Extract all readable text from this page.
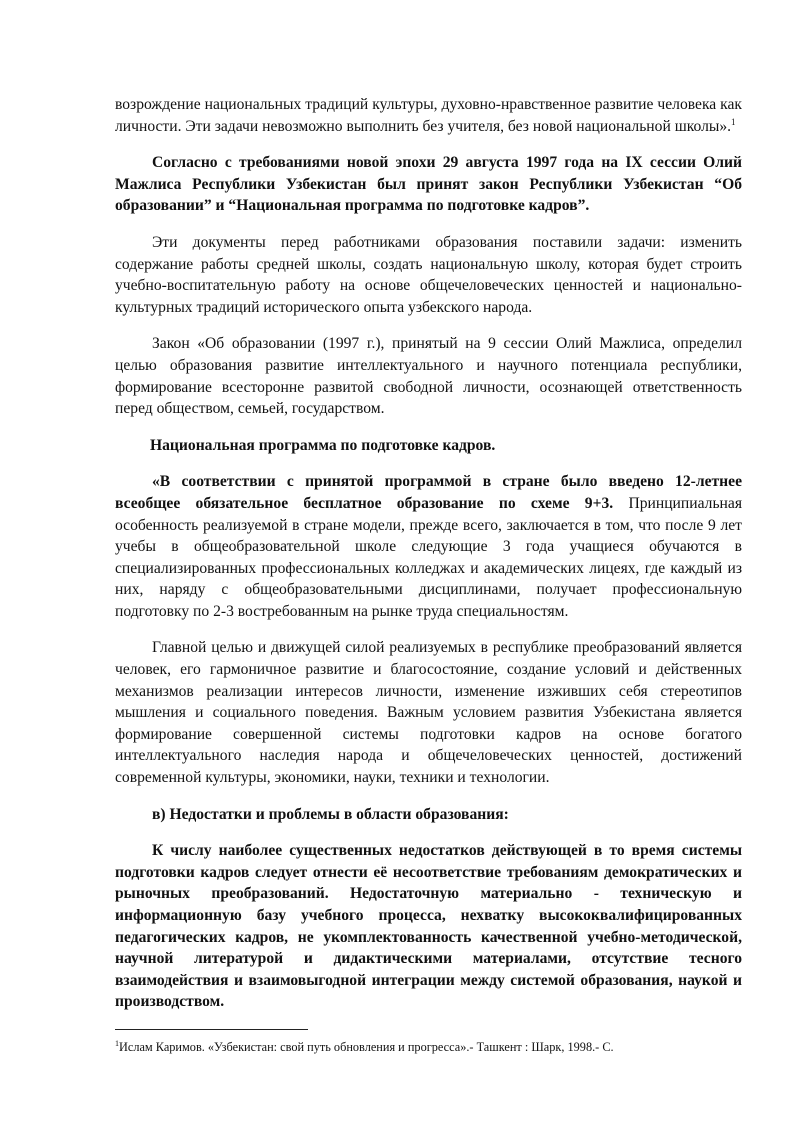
возрождение национальных традиций культуры, духовно-нравственное развитие человека как личности. Эти задачи невозможно выполнить без учителя, без новой национальной школы».$^1$

Согласно с требованиями новой эпохи 29 августа 1997 года на IX сессии Олий Мажлиса Республики Узбекистан был принят закон Республики Узбекистан “Об образовании” и “Национальная программа по подготовке кадров”.

Эти документы перед работниками образования поставили задачи: изменить содержание работы средней школы, создать национальную школу, которая будет строить учебно-воспитательную работу на основе общечеловеческих ценностей и национально-культурных традиций исторического опыта узбекского народа.

Закон «Об образовании (1997 г.), принятый на 9 сессии Олий Мажлиса, определил целью образования развитие интеллектуального и научного потенциала республики, формирование всесторонне развитой свободной личности, осознающей ответственность перед обществом, семьей, государством.

Национальная программа по подготовке кадров.

«В соответствии с принятой программой в стране было введено 12-летнее всеобщее обязательное бесплатное образование по схеме 9+3. Принципиальная особенность реализуемой в стране модели, прежде всего, заключается в том, что после 9 лет учебы в общеобразовательной школе следующие 3 года учащиеся обучаются в специализированных профессиональных колледжах и академических лицеях, где каждый из них, наряду с общеобразовательными дисциплинами, получает профессиональную подготовку по 2-3 востребованным на рынке труда специальностям.

Главной целью и движущей силой реализуемых в республике преобразований является человек, его гармоничное развитие и благосостояние, создание условий и действенных механизмов реализации интересов личности, изменение изживших себя стереотипов мышления и социального поведения. Важным условием развития Узбекистана является формирование совершенной системы подготовки кадров на основе богатого интеллектуального наследия народа и общечеловеческих ценностей, достижений современной культуры, экономики, науки, техники и технологии.

в) Недостатки и проблемы в области образования:

К числу наиболее существенных недостатков действующей в то время системы подготовки кадров следует отнести её несоответствие требованиям демократических и рыночных преобразований. Недостаточную материально - техническую и информационную базу учебного процесса, нехватку высококвалифицированных педагогических кадров, не укомплектованность качественной учебно-методической, научной литературой и дидактическими материалами, отсутствие тесного взаимодействия и взаимовыгодной интеграции между системой образования, наукой и производством.

$^1$Ислам Каримов. «Узбекистан: свой путь обновления и прогресса».- Ташкент : Шарк, 1998.- С.
